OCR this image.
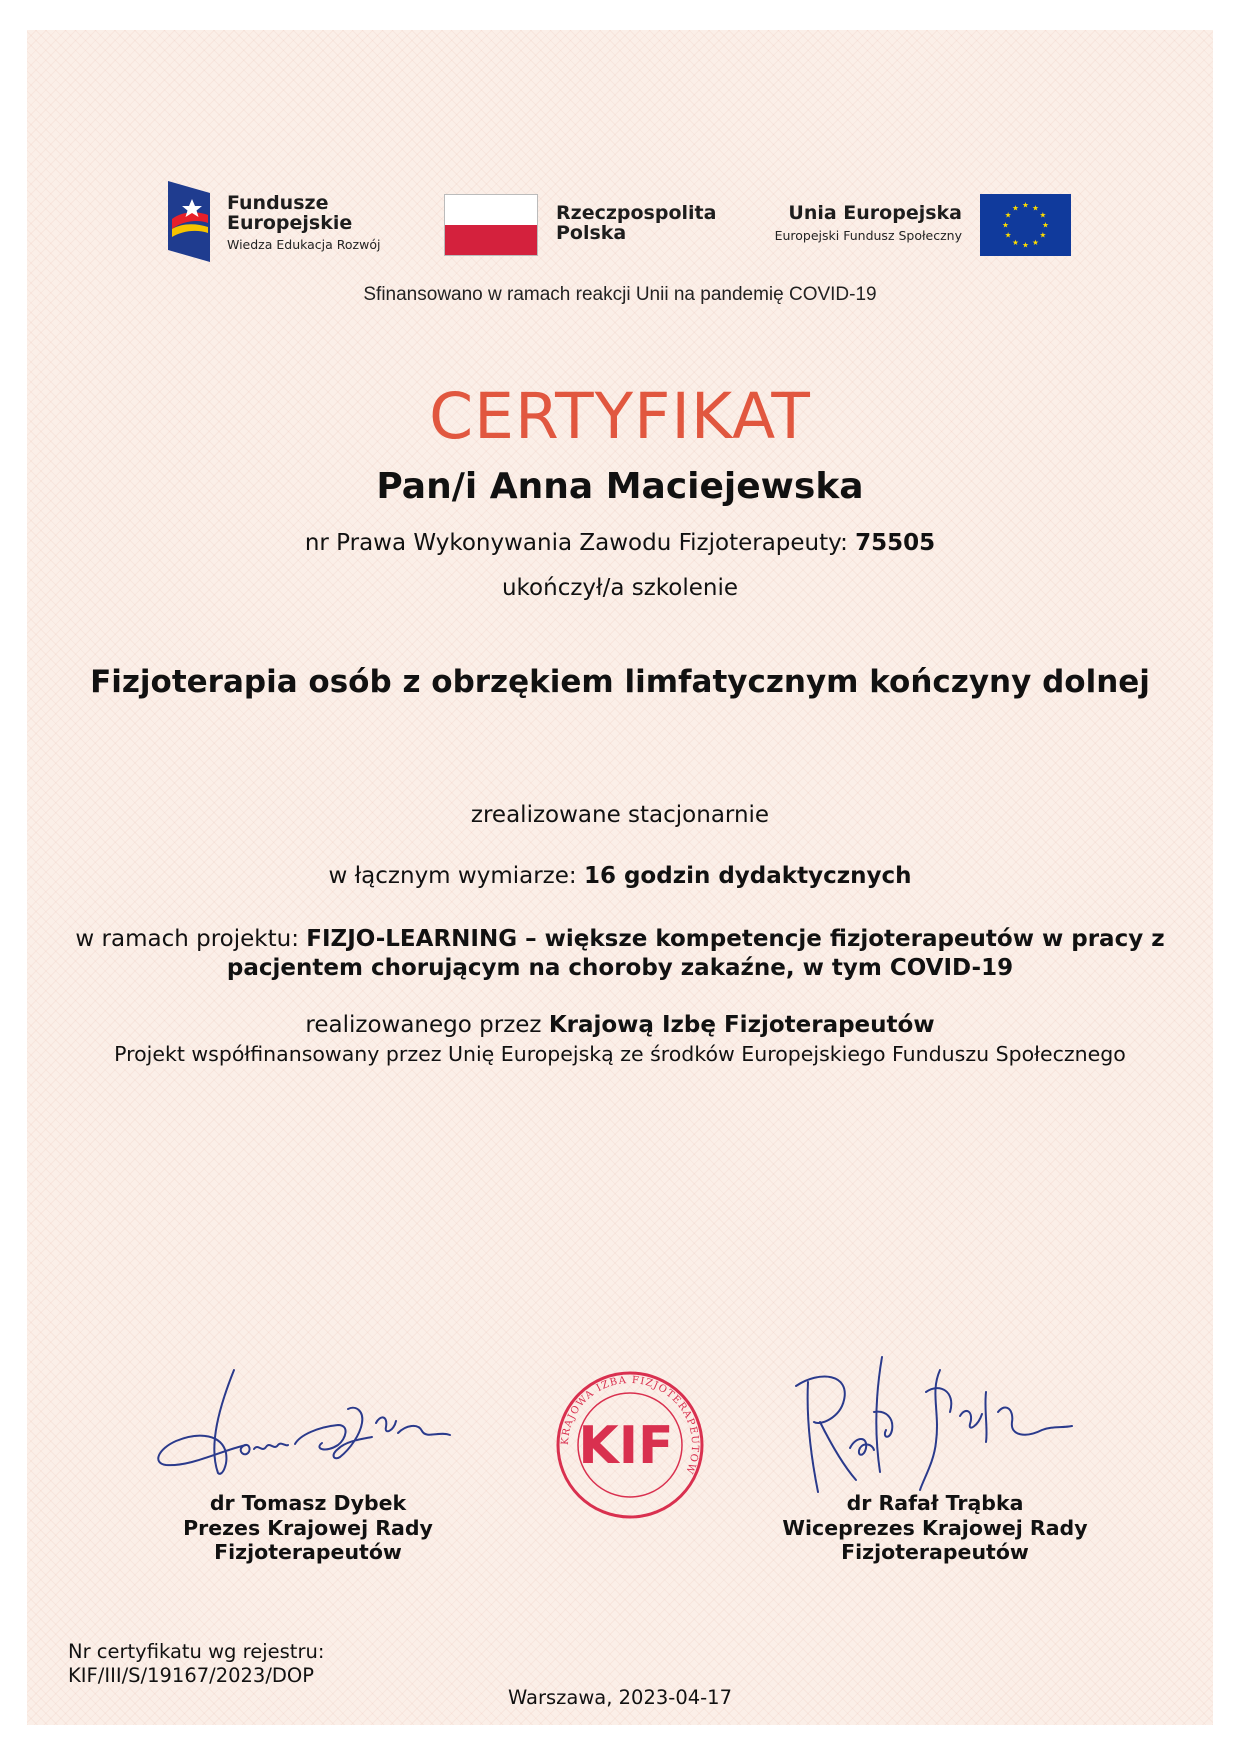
Fundusze
Europejskie
Wiedza Edukacja Rozwój
Rzeczpospolita
Polska
Unia Europejska
Europejski Fundusz Społeczny
★ ★
★
★
★
★
★
★
★
★
★
★
Sfinansowano w ramach reakcji Unii na pandemię COVID-19
CERTYFIKAT
Pan/i Anna Maciejewska
nr Prawa Wykonywania Zawodu Fizjoterapeuty: 75505
ukończył/a szkolenie
Fizjoterapia osób z obrzękiem limfatycznym kończyny dolnej
zrealizowane stacjonarnie
w łącznym wymiarze: 16 godzin dydaktycznych
w ramach projektu: FIZJO-LEARNING – większe kompetencje fizjoterapeutów w pracy z pacjentem chorującym na choroby zakaźne, w tym COVID-19
realizowanego przez Krajową Izbę Fizjoterapeutów
Projekt współfinansowany przez Unię Europejską ze środków Europejskiego Funduszu Społecznego
KRAJOWA IZBA FIZJOTERAPEUTÓW
KIF
dr Tomasz Dybek
Prezes Krajowej Rady
Fizjoterapeutów
dr Rafał Trąbka
Wiceprezes Krajowej Rady
Fizjoterapeutów
Nr certyfikatu wg rejestru:
KIF/III/S/19167/2023/DOP
Warszawa, 2023-04-17
